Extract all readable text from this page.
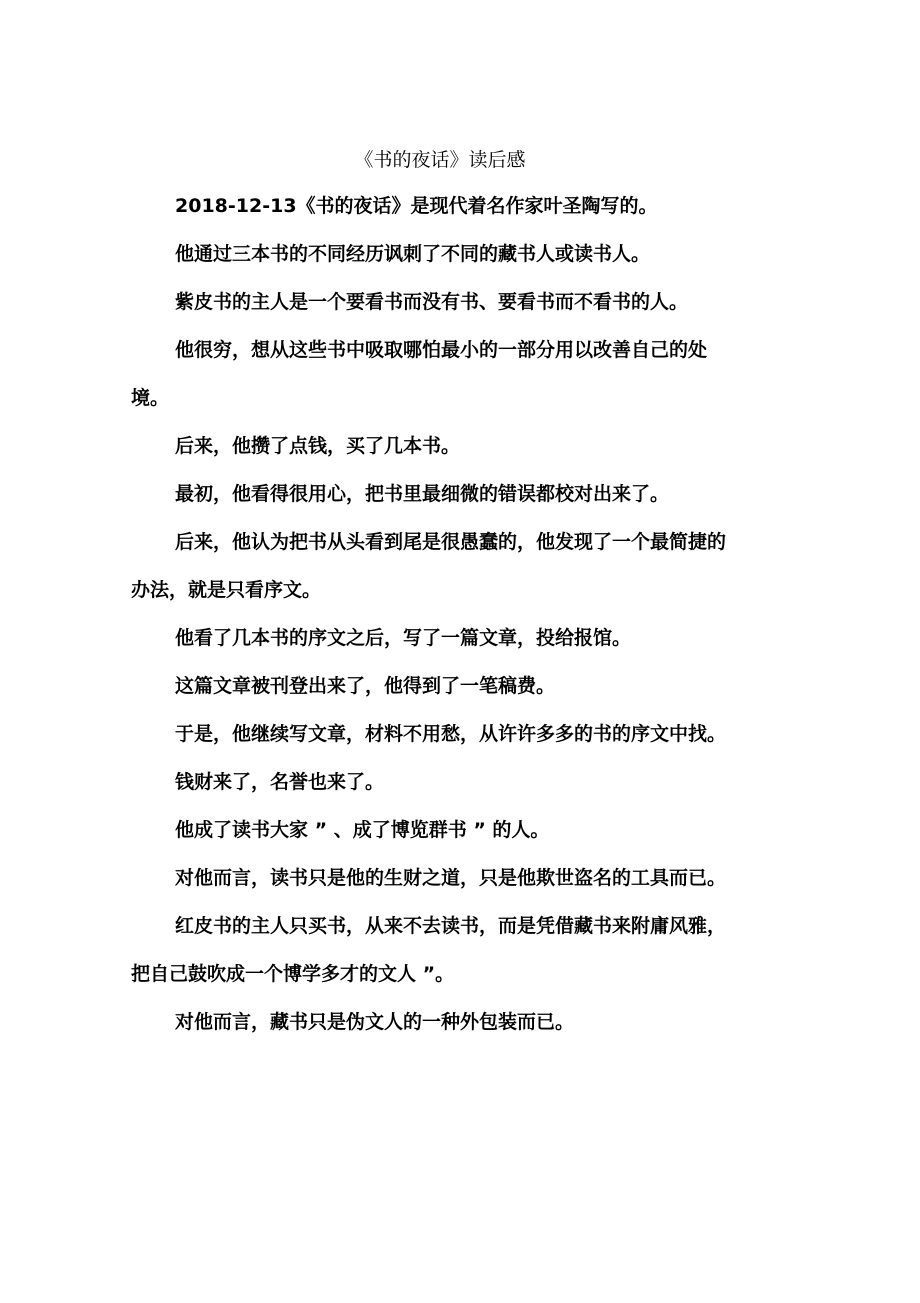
《书的夜话》读后感

2018-12-13《书的夜话》是现代着名作家叶圣陶写的。

他通过三本书的不同经历讽刺了不同的藏书人或读书人。

紫皮书的主人是一个要看书而没有书、要看书而不看书的人。

他很穷，想从这些书中吸取哪怕最小的一部分用以改善自己的处境。

后来，他攒了点钱，买了几本书。

最初，他看得很用心，把书里最细微的错误都校对出来了。

后来，他认为把书从头看到尾是很愚蠢的，他发现了一个最简捷的办法，就是只看序文。

他看了几本书的序文之后，写了一篇文章，投给报馆。

这篇文章被刊登出来了，他得到了一笔稿费。

于是，他继续写文章，材料不用愁，从许许多多的书的序文中找。

钱财来了，名誉也来了。

他成了读书大家 ” 、成了博览群书 ” 的人。

对他而言，读书只是他的生财之道，只是他欺世盗名的工具而已。

红皮书的主人只买书，从来不去读书，而是凭借藏书来附庸风雅，把自己鼓吹成一个博学多才的文人 ”。

对他而言，藏书只是伪文人的一种外包装而已。
